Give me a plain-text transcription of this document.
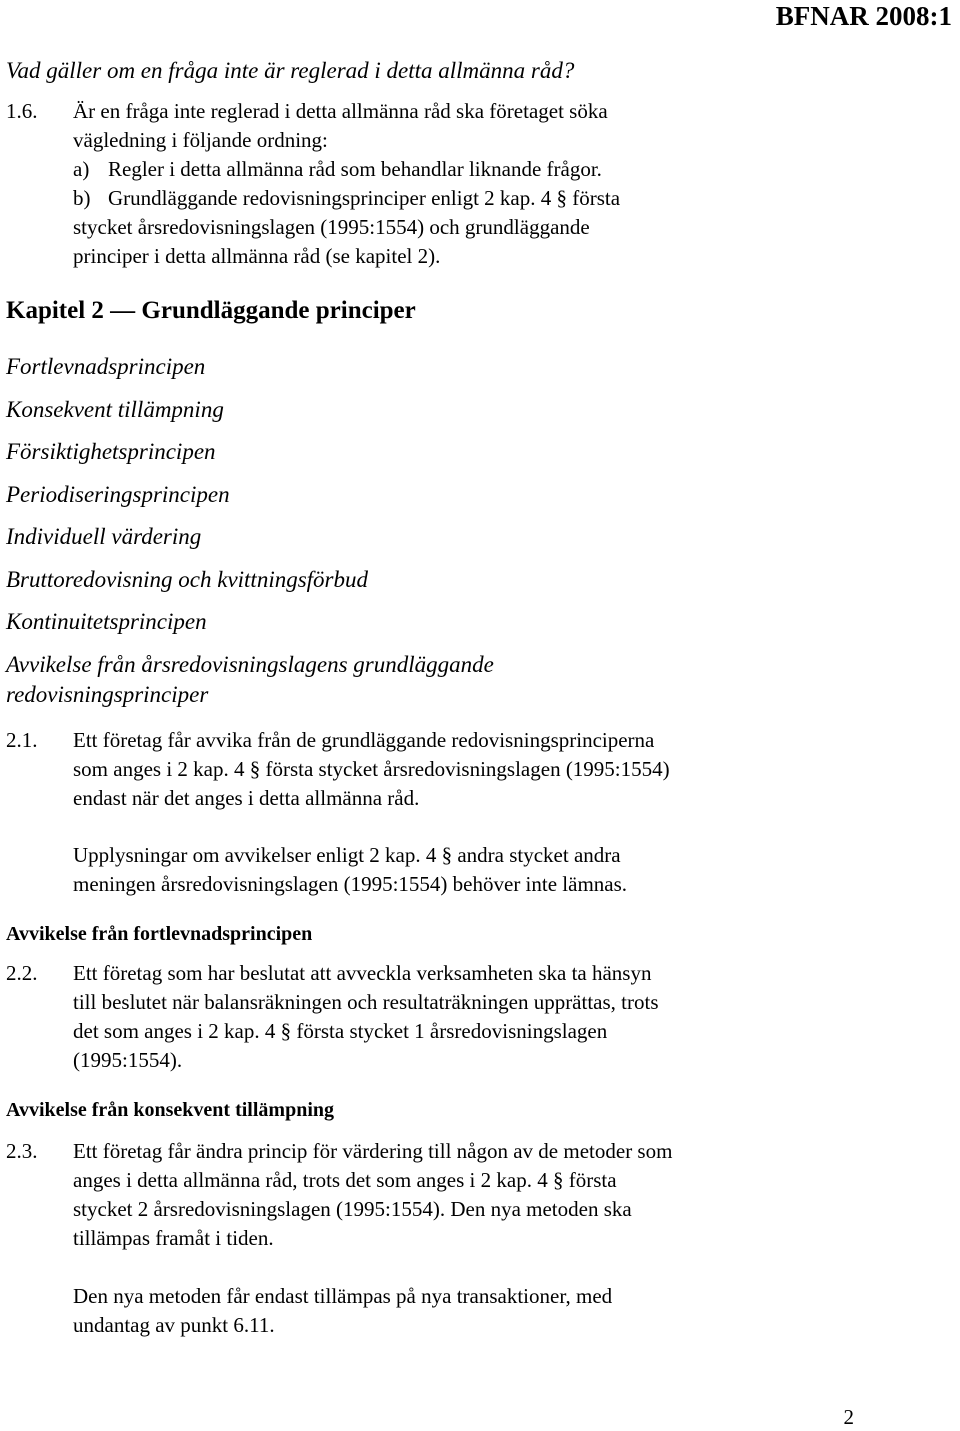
BFNAR 2008:1
Vad gäller om en fråga inte är reglerad i detta allmänna råd?
1.6. Är en fråga inte reglerad i detta allmänna råd ska företaget söka
vägledning i följande ordning:
a) Regler i detta allmänna råd som behandlar liknande frågor.
b) Grundläggande redovisningsprinciper enligt 2 kap. 4 § första
stycket årsredovisningslagen (1995:1554) och grundläggande
principer i detta allmänna råd (se kapitel 2).
Kapitel 2 — Grundläggande principer
Fortlevnadsprincipen
Konsekvent tillämpning
Försiktighetsprincipen
Periodiseringsprincipen
Individuell värdering
Bruttoredovisning och kvittningsförbud
Kontinuitetsprincipen
Avvikelse från årsredovisningslagens grundläggande
redovisningsprinciper
2.1. Ett företag får avvika från de grundläggande redovisningsprinciperna
som anges i 2 kap. 4 § första stycket årsredovisningslagen (1995:1554)
endast när det anges i detta allmänna råd.
Upplysningar om avvikelser enligt 2 kap. 4 § andra stycket andra
meningen årsredovisningslagen (1995:1554) behöver inte lämnas.
Avvikelse från fortlevnadsprincipen
2.2. Ett företag som har beslutat att avveckla verksamheten ska ta hänsyn
till beslutet när balansräkningen och resultaträkningen upprättas, trots
det som anges i 2 kap. 4 § första stycket 1 årsredovisningslagen
(1995:1554).
Avvikelse från konsekvent tillämpning
2.3. Ett företag får ändra princip för värdering till någon av de metoder som
anges i detta allmänna råd, trots det som anges i 2 kap. 4 § första
stycket 2 årsredovisningslagen (1995:1554). Den nya metoden ska
tillämpas framåt i tiden.
Den nya metoden får endast tillämpas på nya transaktioner, med
undantag av punkt 6.11.
2
